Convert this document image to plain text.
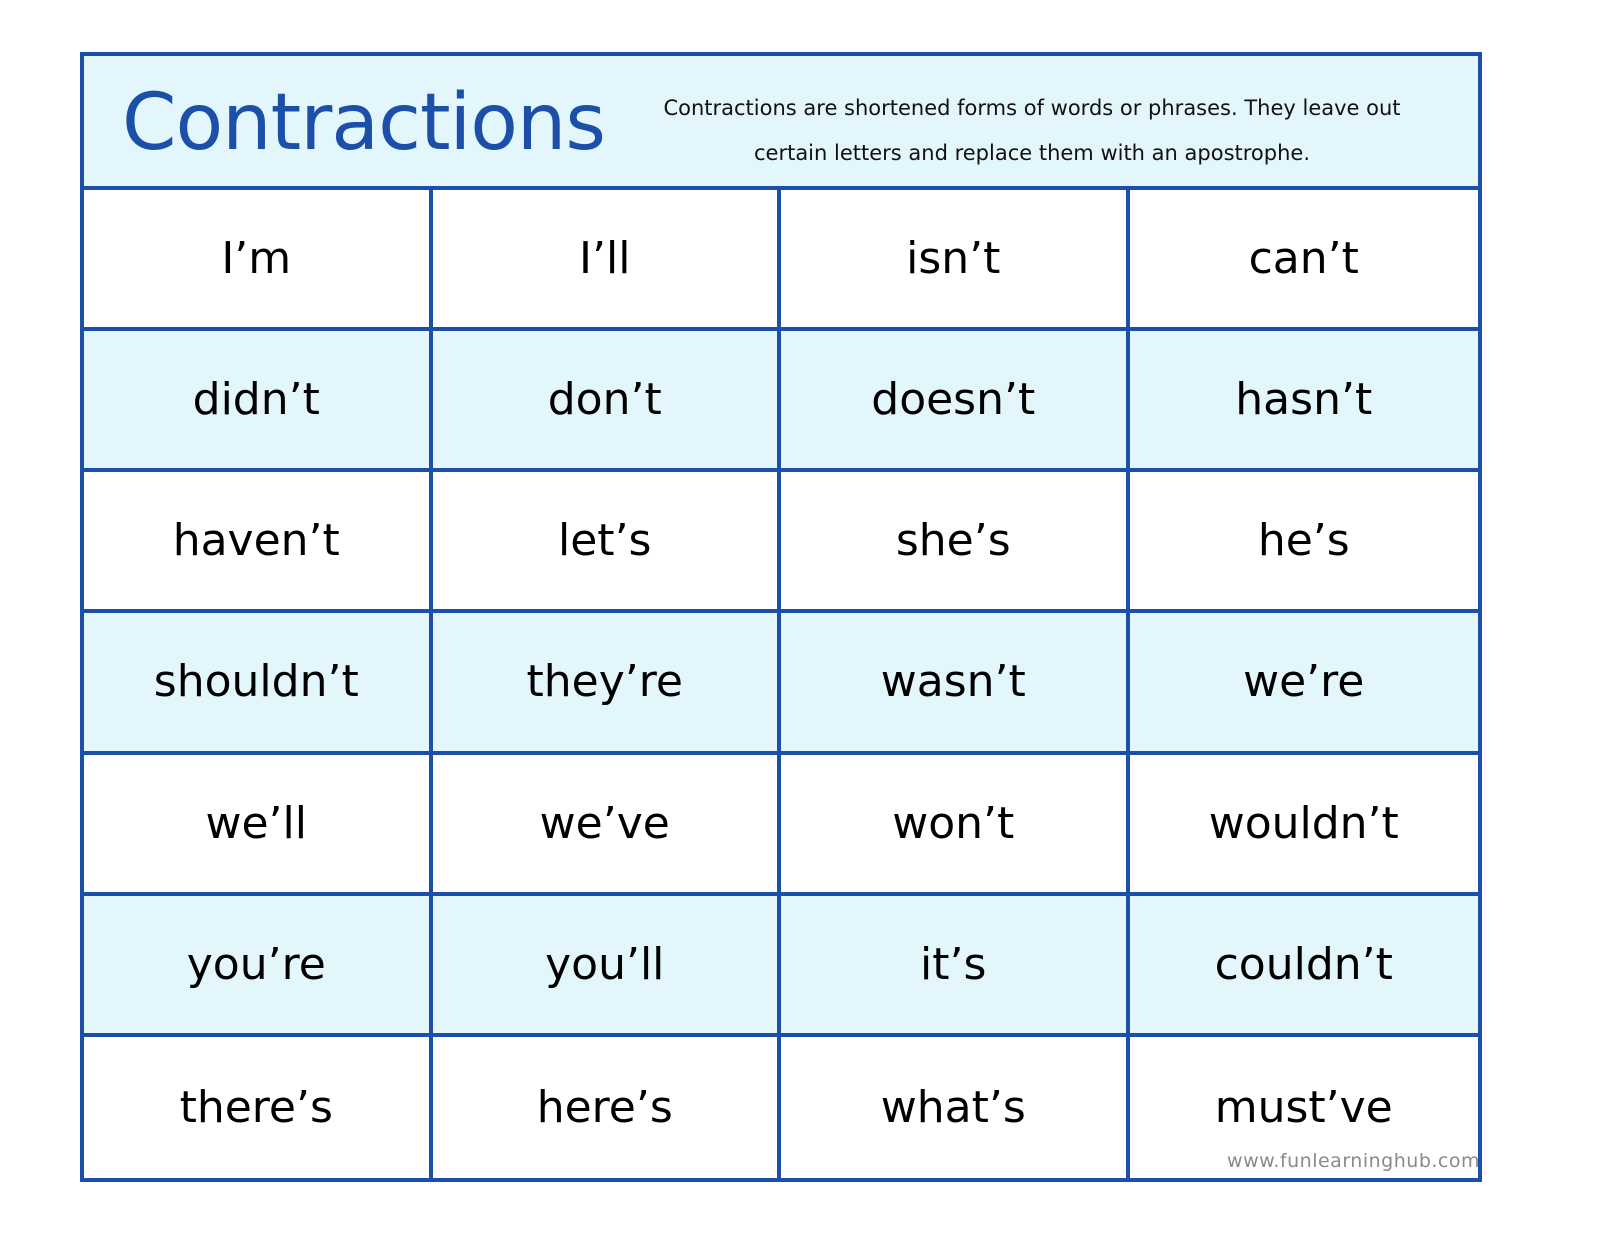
Contractions	Contractions are shortened forms of words or phrases. They leave out certain letters and replace them with an apostrophe.
I’m	I’ll	isn’t	can’t
didn’t	don’t	doesn’t	hasn’t
haven’t	let’s	she’s	he’s
shouldn’t	they’re	wasn’t	we’re
we’ll	we’ve	won’t	wouldn’t
you’re	you’ll	it’s	couldn’t
there’s	here’s	what’s	must’ve
www.funlearninghub.com
